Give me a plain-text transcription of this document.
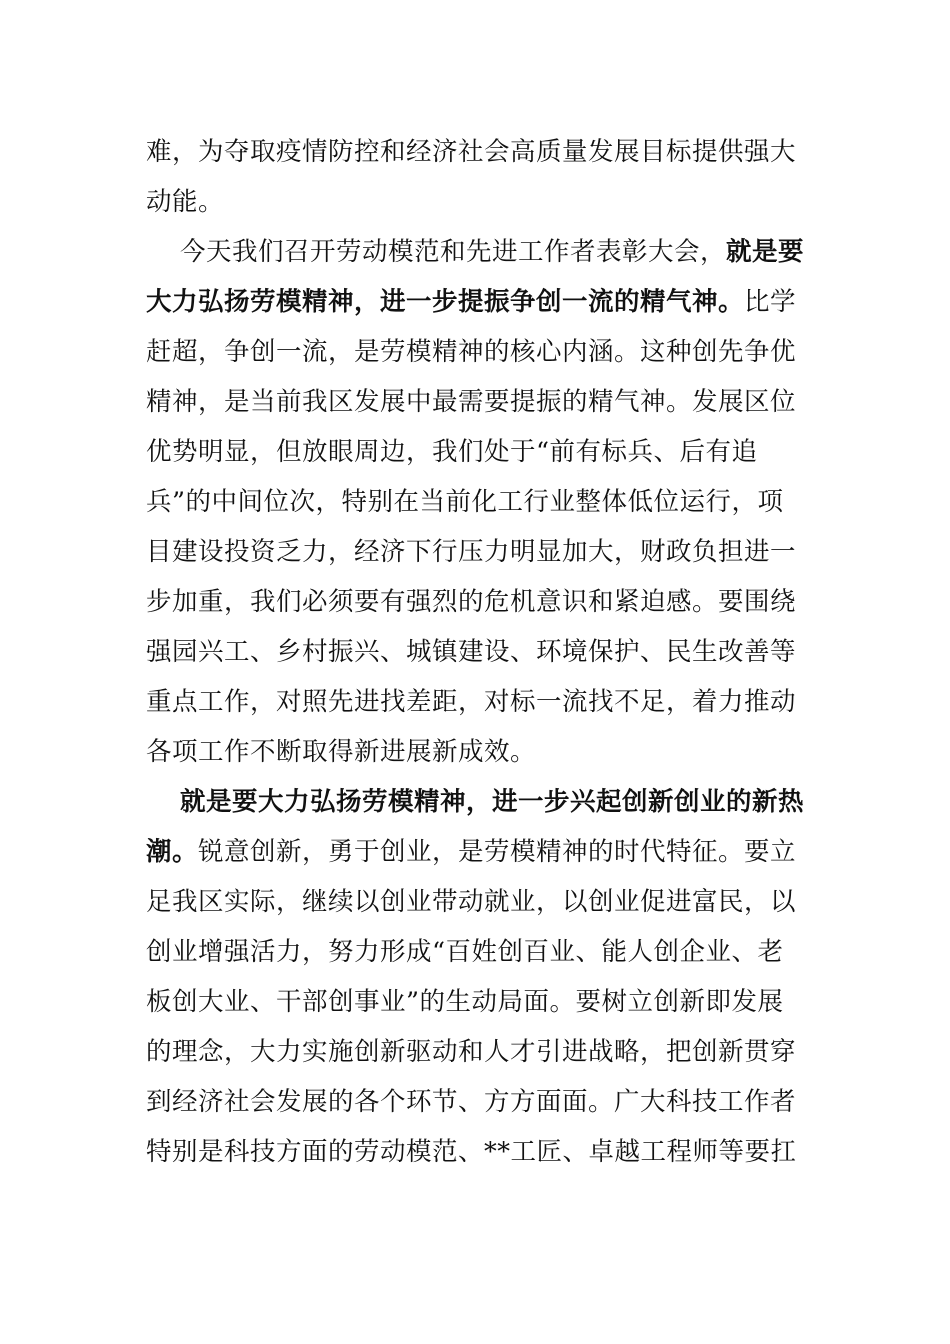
难，为夺取疫情防控和经济社会高质量发展目标提供强大
动能。
今天我们召开劳动模范和先进工作者表彰大会，就是要
大力弘扬劳模精神，进一步提振争创一流的精气神。比学
赶超，争创一流，是劳模精神的核心内涵。这种创先争优
精神，是当前我区发展中最需要提振的精气神。发展区位
优势明显，但放眼周边，我们处于“前有标兵、后有追
兵”的中间位次，特别在当前化工行业整体低位运行，项
目建设投资乏力，经济下行压力明显加大，财政负担进一
步加重，我们必须要有强烈的危机意识和紧迫感。要围绕
强园兴工、乡村振兴、城镇建设、环境保护、民生改善等
重点工作，对照先进找差距，对标一流找不足，着力推动
各项工作不断取得新进展新成效。
就是要大力弘扬劳模精神，进一步兴起创新创业的新热
潮。锐意创新，勇于创业，是劳模精神的时代特征。要立
足我区实际，继续以创业带动就业，以创业促进富民，以
创业增强活力，努力形成“百姓创百业、能人创企业、老
板创大业、干部创事业”的生动局面。要树立创新即发展
的理念，大力实施创新驱动和人才引进战略，把创新贯穿
到经济社会发展的各个环节、方方面面。广大科技工作者
特别是科技方面的劳动模范、**工匠、卓越工程师等要扛
